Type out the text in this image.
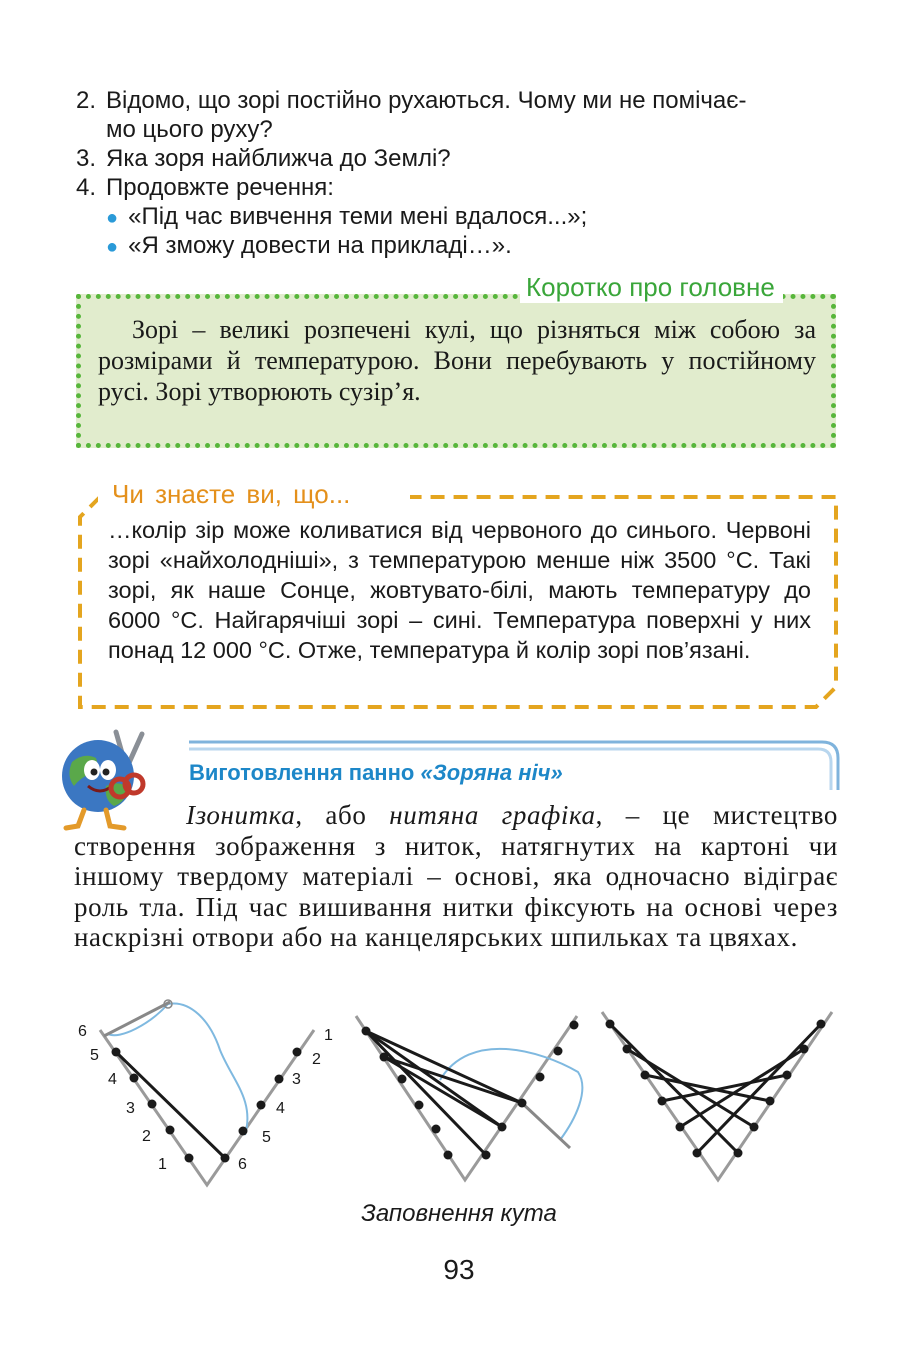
2. Відомо, що зорі постійно рухаються. Чому ми не помічає-
мо цього руху?
3. Яка зоря найближча до Землі?
4. Продовжте речення:
● «Під час вивчення теми мені вдалося...»;
● «Я зможу довести на прикладі…».
Коротко про головне
Зорі – великі розпечені кулі, що різняться між собою за розмірами й температурою. Вони перебувають у постійному русі. Зорі утворюють сузір’я.
Чи знаєте ви, що...
…колір зір може коливатися від червоного до синього. Червоні зорі «найхолодніші», з температурою менше ніж 3500 °С. Такі зорі, як наше Сонце, жовтувато-білі, мають температуру до 6000 °С. Найгарячіші зорі – сині. Температура поверхні у них понад 12 000 °С. Отже, температура й колір зорі пов’язані.
Виготовлення панно «Зоряна ніч»

Ізонитка, або нитяна графіка, – це мистецтво створення зображення з ниток, натягнутих на картоні чи іншому твердому матеріалі – основі, яка одночасно відіграє роль тла. Під час вишивання нитки фіксують на основі через наскрізні отвори або на канцелярських шпильках та цвяхах.

6
5
4
3
2
1
1
2
3
4
5
6
Заповнення кута
93
